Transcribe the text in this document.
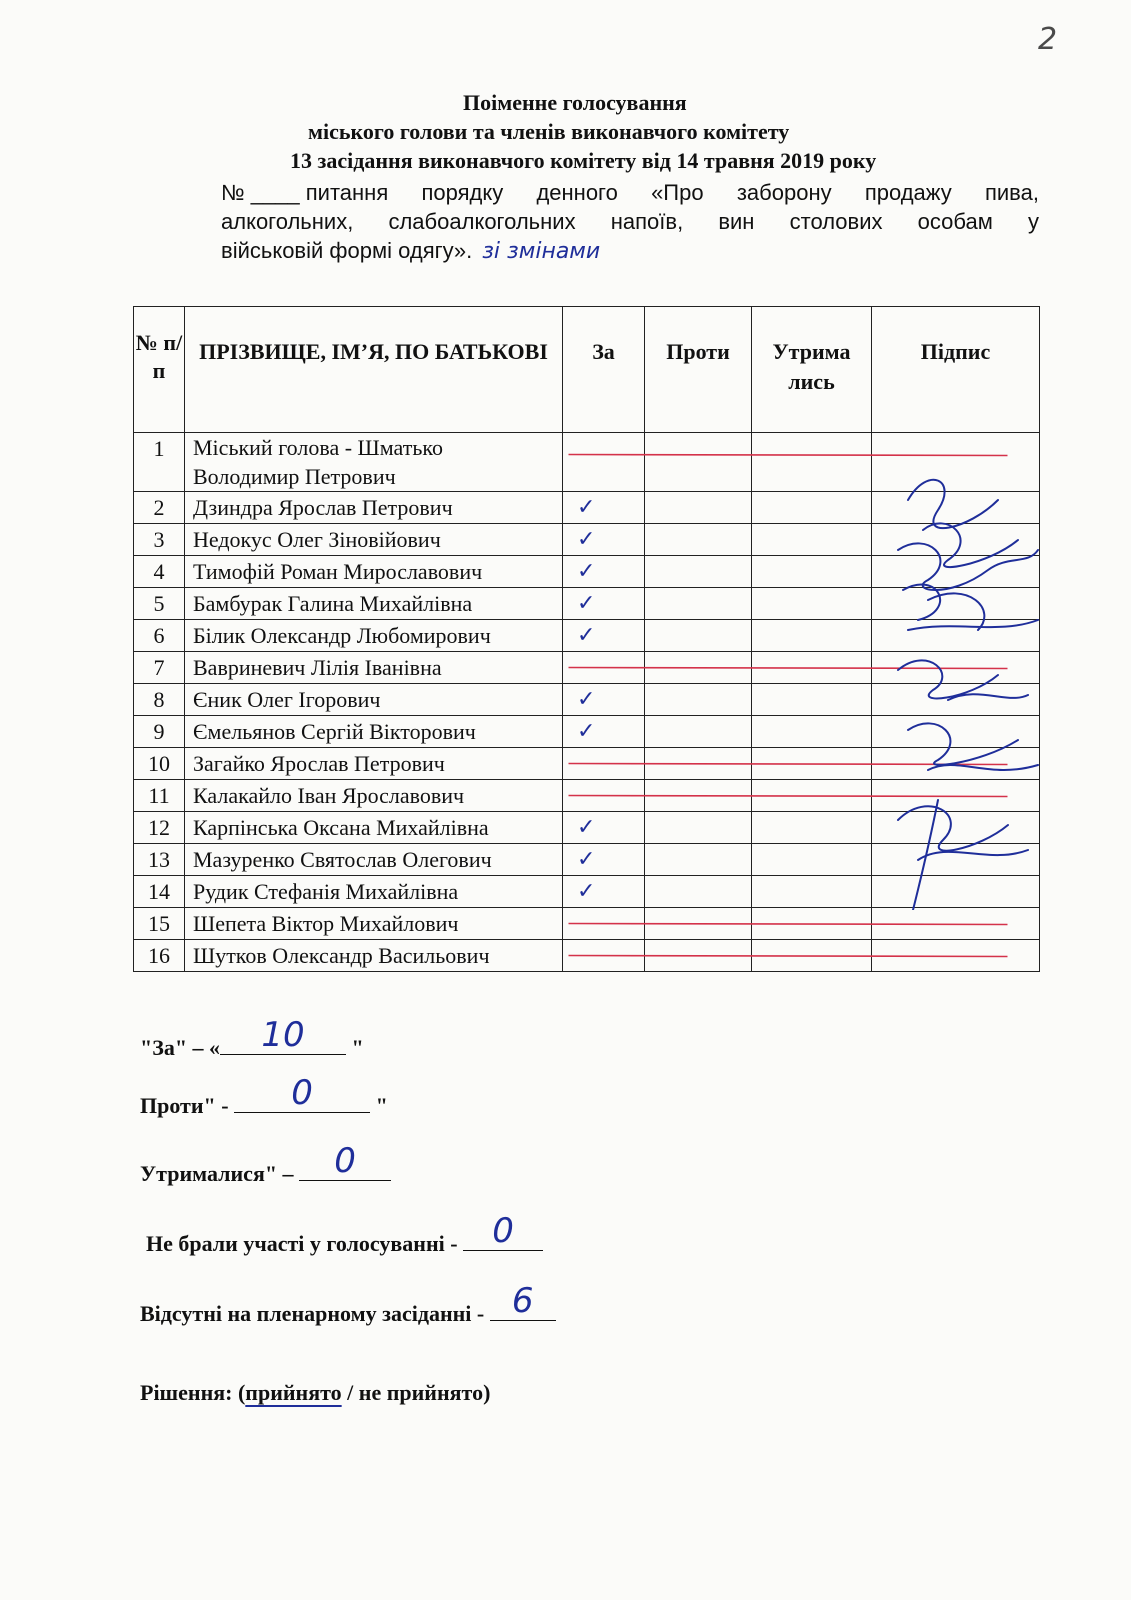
2
Поіменне голосування
міського голови та членів виконавчого комітету
13 засідання виконавчого комітету від 14 травня 2019 року
№ ____ питання порядку денного «Про заборону продажу пива,
алкогольних, слабоалкогольних напоїв, вин столових особам у
військовій формі одягу». зі змінами
№ п/ п	ПРІЗВИЩЕ, ІМ’Я, ПО БАТЬКОВІ	За	Проти	Утрима лись	Підпис
1	Міський голова - Шматько
Володимир Петрович				

2	Дзиндра Ярослав Петрович	✓			

3	Недокус Олег Зіновійович	✓			

4	Тимофій Роман Мирославович	✓			

5	Бамбурак Галина Михайлівна	✓			

6	Білик Олександр Любомирович	✓			

7	Вавриневич Лілія Іванівна				
8	Єник Олег Ігорович	✓			

9	Ємельянов Сергій Вікторович	✓			

10	Загайко Ярослав Петрович				
11	Калакайло Іван Ярославович				
12	Карпінська Оксана Михайлівна	✓			

13	Мазуренко Святослав Олегович	✓			

14	Рудик Стефанія Михайлівна	✓			

15	Шепета Віктор Михайлович				
16	Шутков Олександр Васильович				
"За" – «	10	"
Проти" -	0	"
Утрималися" –	0
Не брали участі у голосуванні - 0
Відсутні на пленарному засіданні - 6
Рішення: (прийнято / не прийнято)
